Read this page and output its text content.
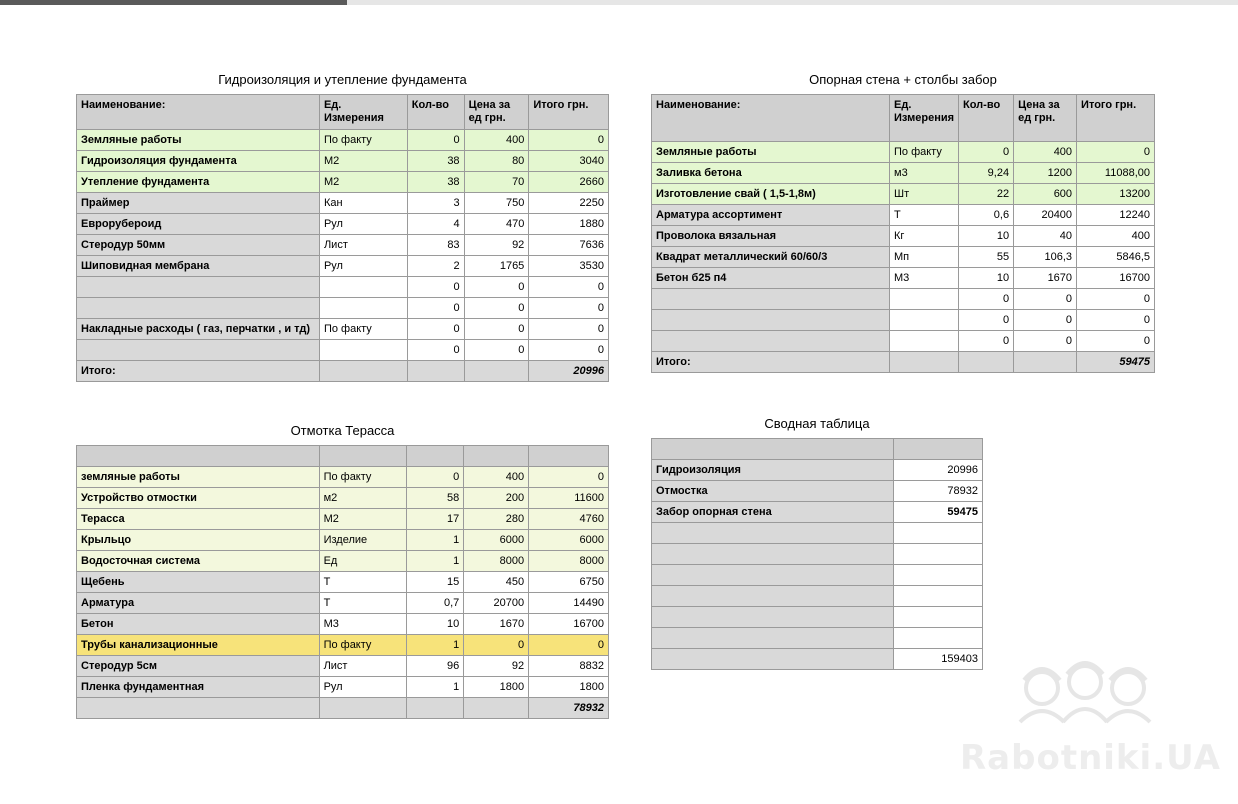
Гидроизоляция и утепление фундамента
Наименование:	Ед. Измерения	Кол-во	Цена за ед грн.	Итого грн.
Земляные работы	По факту	0	400	0
Гидроизоляция фундамента	М2	38	80	3040
Утепление фундамента	М2	38	70	2660
Праймер	Кан	3	750	2250
Еврорубероид	Рул	4	470	1880
Стеродур 50мм	Лист	83	92	7636
Шиповидная мембрана	Рул	2	1765	3530
		0	0	0
		0	0	0
Накладные расходы ( газ, перчатки , и тд)	По факту	0	0	0
		0	0	0
Итого:				20996
Опорная стена + столбы забор
Наименование:	Ед. Измерения	Кол-во	Цена за ед грн.	Итого грн.
Земляные работы	По факту	0	400	0
Заливка бетона	м3	9,24	1200	11088,00
Изготовление свай ( 1,5-1,8м)	Шт	22	600	13200
Арматура ассортимент	Т	0,6	20400	12240
Проволока вязальная	Кг	10	40	400
Квадрат металлический 60/60/3	Мп	55	106,3	5846,5
Бетон б25 п4	М3	10	1670	16700
		0	0	0
		0	0	0
		0	0	0
Итого:				59475
Отмотка Терасса

земляные работы	По факту	0	400	0
Устройство отмостки	м2	58	200	11600
Терасса	М2	17	280	4760
Крыльцо	Изделие	1	6000	6000
Водосточная система	Ед	1	8000	8000
Щебень	Т	15	450	6750
Арматура	Т	0,7	20700	14490
Бетон	М3	10	1670	16700
Трубы канализационные	По факту	1	0	0
Стеродур 5см	Лист	96	92	8832
Пленка фундаментная	Рул	1	1800	1800
				78932
Сводная таблица

Гидроизоляция	20996
Отмостка	78932
Забор опорная стена	59475

	159403
Rabotniki.UA
